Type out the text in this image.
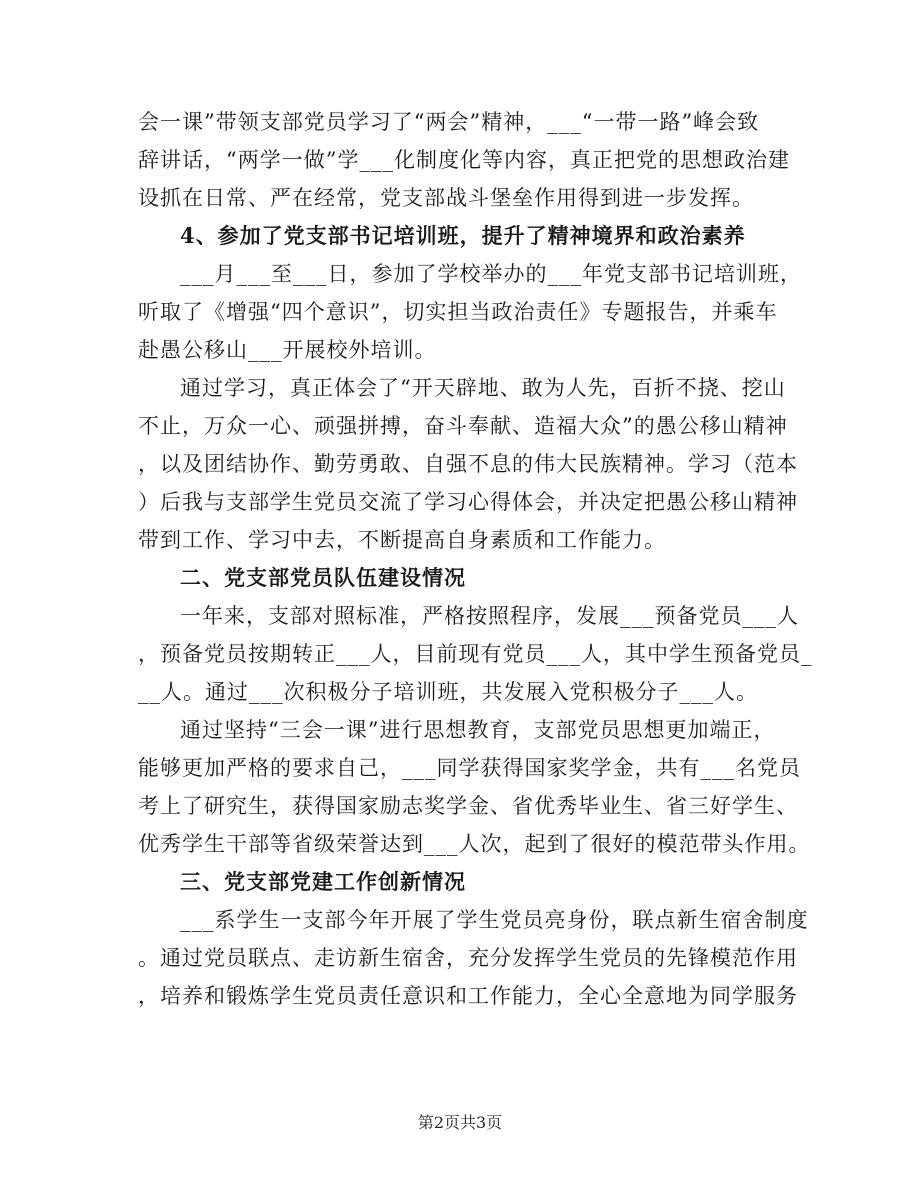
会一课”带领支部党员学习了“两会”精神，___“一带一路”峰会致
辞讲话，“两学一做”学___化制度化等内容，真正把党的思想政治建
设抓在日常、严在经常，党支部战斗堡垒作用得到进一步发挥。
4、参加了党支部书记培训班，提升了精神境界和政治素养
___月___至___日，参加了学校举办的___年党支部书记培训班，
听取了《增强“四个意识”，切实担当政治责任》专题报告，并乘车
赴愚公移山___开展校外培训。
通过学习，真正体会了“开天辟地、敢为人先，百折不挠、挖山
不止，万众一心、顽强拼搏，奋斗奉献、造福大众”的愚公移山精神
，以及团结协作、勤劳勇敢、自强不息的伟大民族精神。学习（范本
）后我与支部学生党员交流了学习心得体会，并决定把愚公移山精神
带到工作、学习中去，不断提高自身素质和工作能力。
二、党支部党员队伍建设情况
一年来，支部对照标准，严格按照程序，发展___预备党员___人
，预备党员按期转正___人，目前现有党员___人，其中学生预备党员_
__人。通过___次积极分子培训班，共发展入党积极分子___人。
通过坚持“三会一课”进行思想教育，支部党员思想更加端正，
能够更加严格的要求自己，___同学获得国家奖学金，共有___名党员
考上了研究生，获得国家励志奖学金、省优秀毕业生、省三好学生、
优秀学生干部等省级荣誉达到___人次，起到了很好的模范带头作用。
三、党支部党建工作创新情况
___系学生一支部今年开展了学生党员亮身份，联点新生宿舍制度
。通过党员联点、走访新生宿舍，充分发挥学生党员的先锋模范作用
，培养和锻炼学生党员责任意识和工作能力，全心全意地为同学服务
第2页共3页
